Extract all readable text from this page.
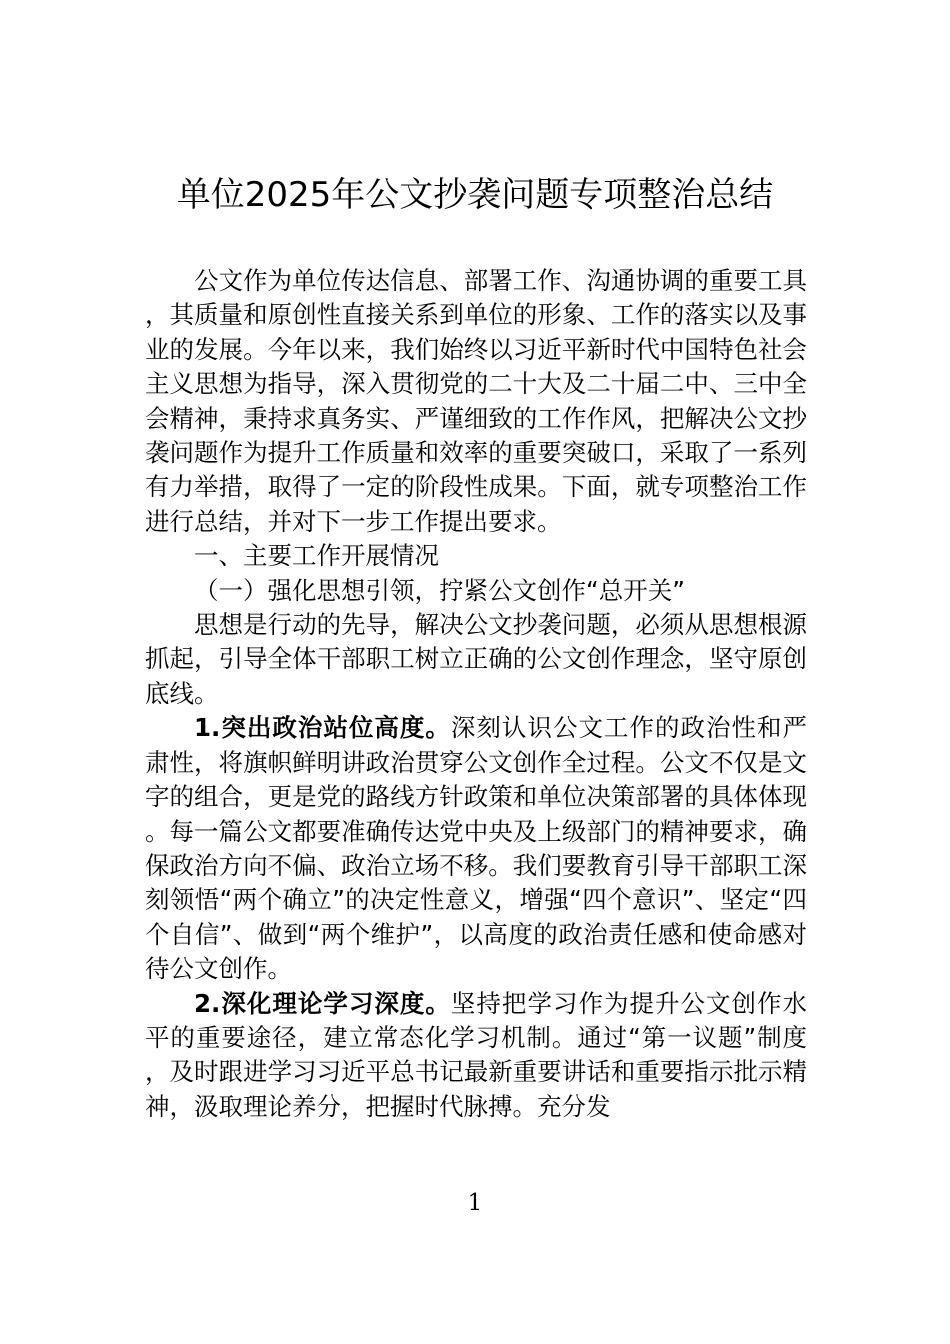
单位2025年公文抄袭问题专项整治总结

公文作为单位传达信息、部署工作、沟通协调的重要工具，其质量和原创性直接关系到单位的形象、工作的落实以及事业的发展。今年以来，我们始终以习近平新时代中国特色社会主义思想为指导，深入贯彻党的二十大及二十届二中、三中全会精神，秉持求真务实、严谨细致的工作作风，把解决公文抄袭问题作为提升工作质量和效率的重要突破口，采取了一系列有力举措，取得了一定的阶段性成果。下面，就专项整治工作进行总结，并对下一步工作提出要求。

一、主要工作开展情况

（一）强化思想引领，拧紧公文创作“总开关”

思想是行动的先导，解决公文抄袭问题，必须从思想根源抓起，引导全体干部职工树立正确的公文创作理念，坚守原创底线。

1.突出政治站位高度。深刻认识公文工作的政治性和严肃性，将旗帜鲜明讲政治贯穿公文创作全过程。公文不仅是文字的组合，更是党的路线方针政策和单位决策部署的具体体现。每一篇公文都要准确传达党中央及上级部门的精神要求，确保政治方向不偏、政治立场不移。我们要教育引导干部职工深刻领悟“两个确立”的决定性意义，增强“四个意识”、坚定“四个自信”、做到“两个维护”，以高度的政治责任感和使命感对待公文创作。

2.深化理论学习深度。坚持把学习作为提升公文创作水平的重要途径，建立常态化学习机制。通过“第一议题”制度，及时跟进学习习近平总书记最新重要讲话和重要指示批示精神，汲取理论养分，把握时代脉搏。充分发

1
